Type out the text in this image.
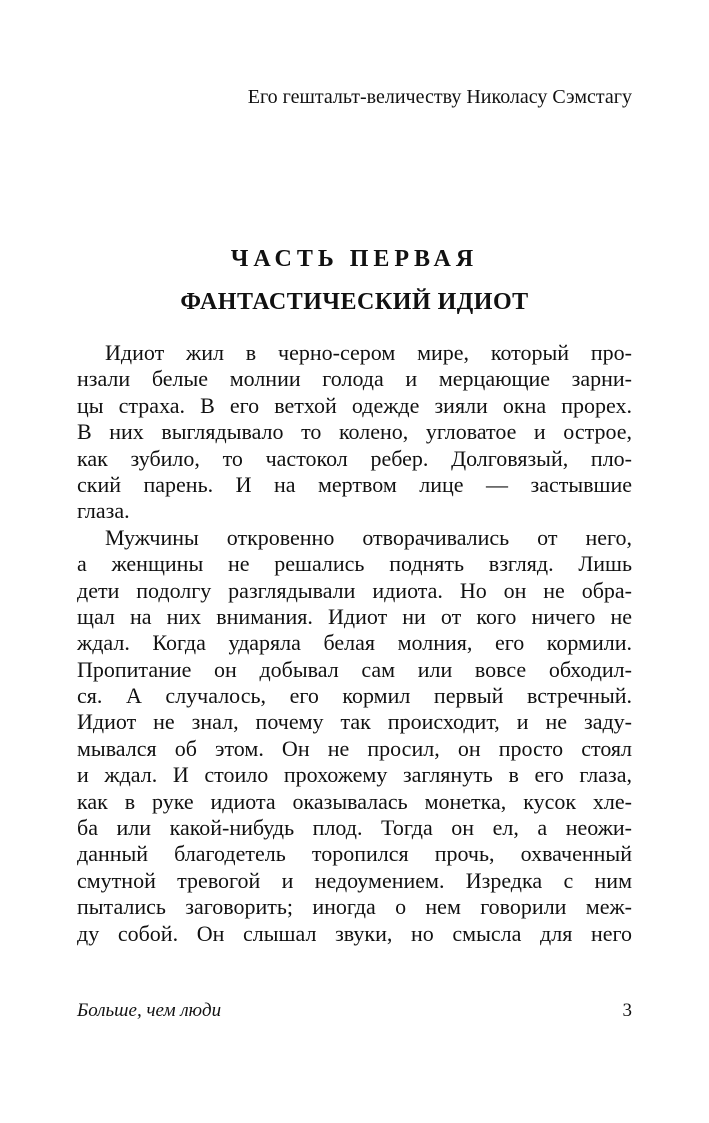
Его гештальт-величеству Николасу Сэмстагу
ЧАСТЬ ПЕРВАЯ
ФАНТАСТИЧЕСКИЙ ИДИОТ
Идиот жил в черно-сером мире, который про-
нзали белые молнии голода и мерцающие зарни-
цы страха. В его ветхой одежде зияли окна прорех.
В них выглядывало то колено, угловатое и острое,
как зубило, то частокол ребер. Долговязый, пло-
ский парень. И на мертвом лице — застывшие
глаза.
Мужчины откровенно отворачивались от него,
а женщины не решались поднять взгляд. Лишь
дети подолгу разглядывали идиота. Но он не обра-
щал на них внимания. Идиот ни от кого ничего не
ждал. Когда ударяла белая молния, его кормили.
Пропитание он добывал сам или вовсе обходил-
ся. А случалось, его кормил первый встречный.
Идиот не знал, почему так происходит, и не заду-
мывался об этом. Он не просил, он просто стоял
и ждал. И стоило прохожему заглянуть в его глаза,
как в руке идиота оказывалась монетка, кусок хле-
ба или какой-нибудь плод. Тогда он ел, а неожи-
данный благодетель торопился прочь, охваченный
смутной тревогой и недоумением. Изредка с ним
пытались заговорить; иногда о нем говорили меж-
ду собой. Он слышал звуки, но смысла для него
Больше, чем люди	3
